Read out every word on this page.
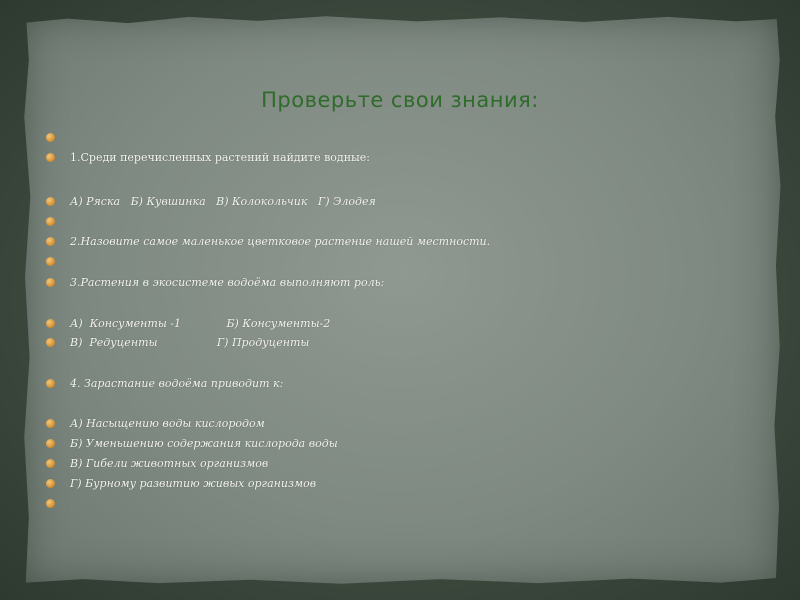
Проверьте свои знания:
1.Среди перечисленных растений найдите водные:
А) Ряска   Б) Кувшинка   В) Колокольчик   Г) Элодея
2.Назовите самое маленькое цветковое растение нашей местности.
3.Растения в экосистеме водоёма выполняют роль:
А)  Консументы -1             Б) Консументы-2
В)  Редуценты                 Г) Продуценты
4. Зарастание водоёма приводит к:
А) Насыщению воды кислородом
Б) Уменьшению содержания кислорода воды
В) Гибели животных организмов
Г) Бурному развитию живых организмов
